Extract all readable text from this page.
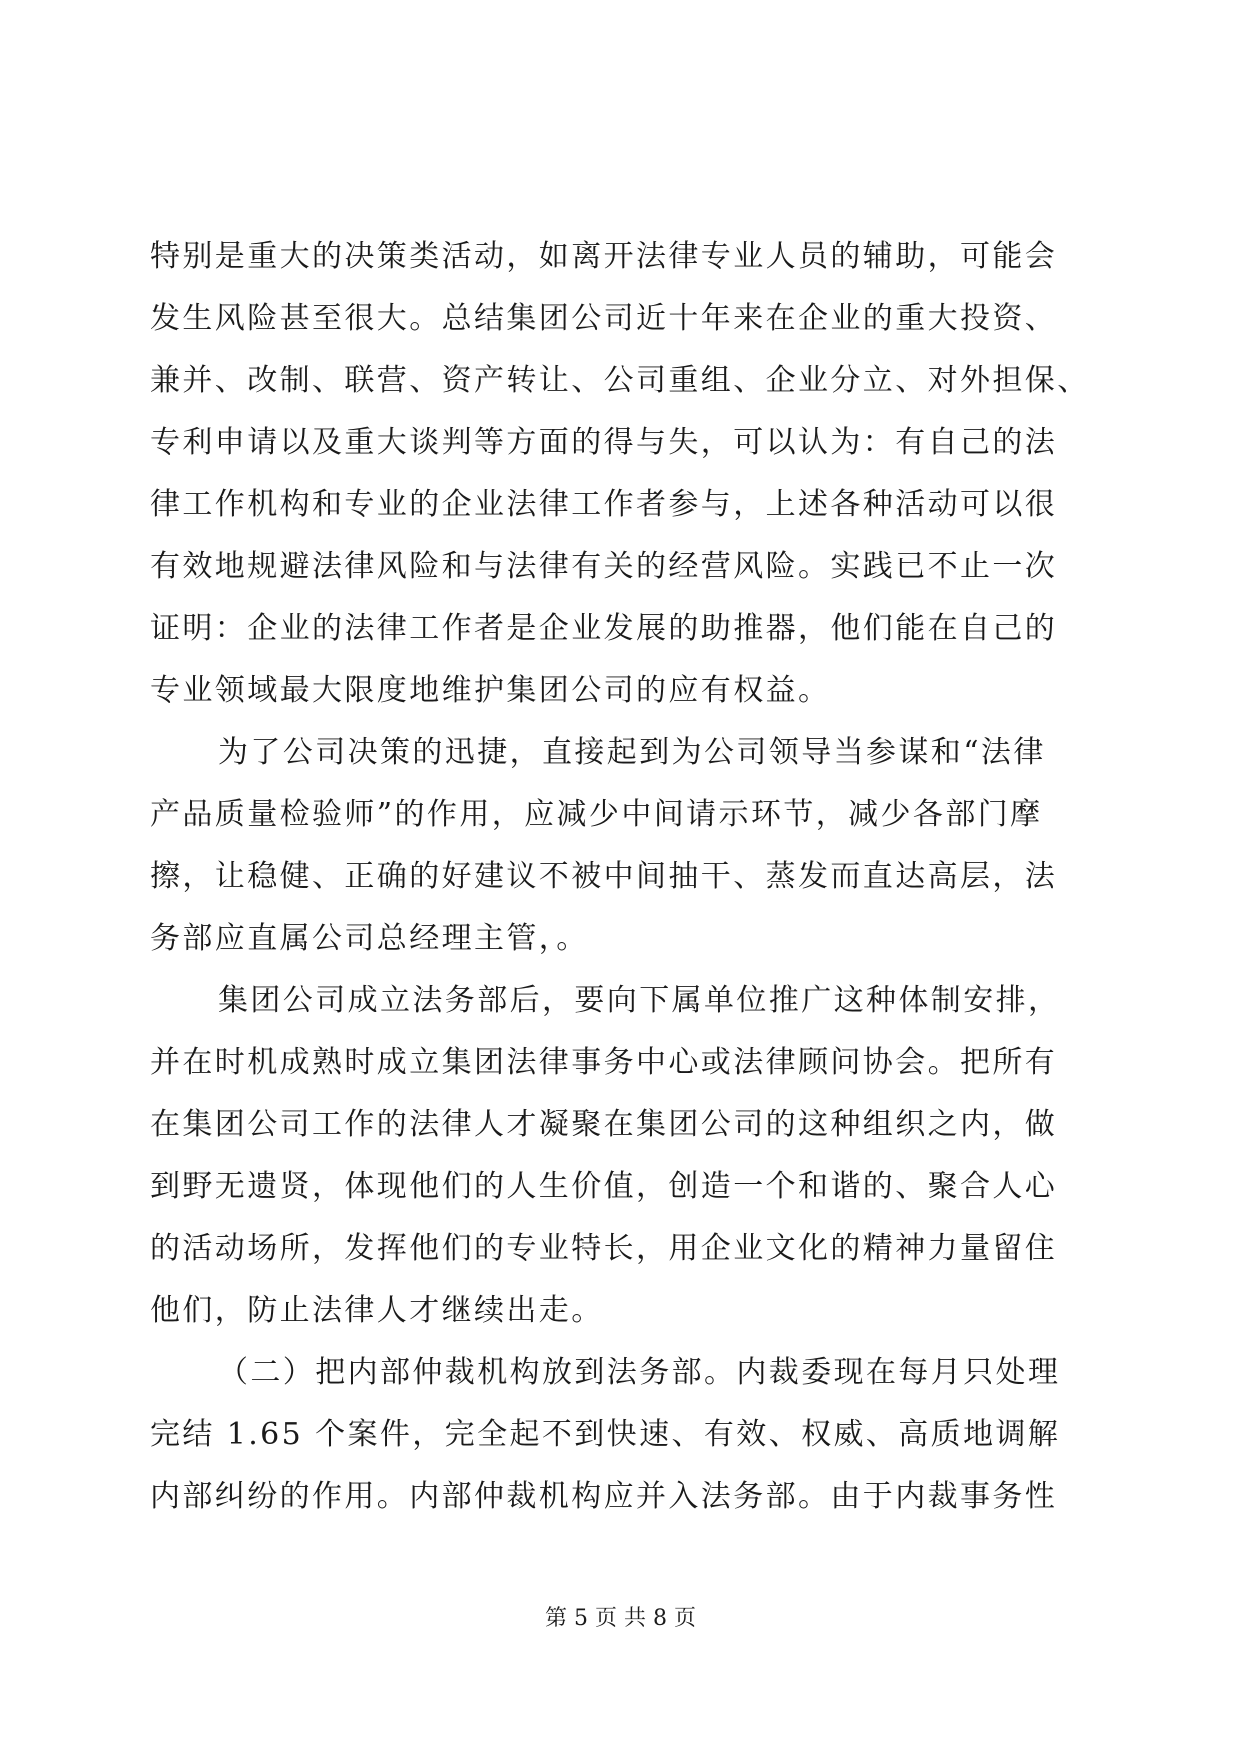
特别是重大的决策类活动，如离开法律专业人员的辅助，可能会
发生风险甚至很大。总结集团公司近十年来在企业的重大投资、
兼并、改制、联营、资产转让、公司重组、企业分立、对外担保、
专利申请以及重大谈判等方面的得与失，可以认为：有自己的法
律工作机构和专业的企业法律工作者参与，上述各种活动可以很
有效地规避法律风险和与法律有关的经营风险。实践已不止一次
证明：企业的法律工作者是企业发展的助推器，他们能在自己的
专业领域最大限度地维护集团公司的应有权益。
为了公司决策的迅捷，直接起到为公司领导当参谋和“法律
产品质量检验师”的作用，应减少中间请示环节，减少各部门摩
擦，让稳健、正确的好建议不被中间抽干、蒸发而直达高层，法
务部应直属公司总经理主管，。
集团公司成立法务部后，要向下属单位推广这种体制安排，
并在时机成熟时成立集团法律事务中心或法律顾问协会。把所有
在集团公司工作的法律人才凝聚在集团公司的这种组织之内，做
到野无遗贤，体现他们的人生价值，创造一个和谐的、聚合人心
的活动场所，发挥他们的专业特长，用企业文化的精神力量留住
他们，防止法律人才继续出走。
（二）把内部仲裁机构放到法务部。内裁委现在每月只处理
完结 1.65 个案件，完全起不到快速、有效、权威、高质地调解
内部纠纷的作用。内部仲裁机构应并入法务部。由于内裁事务性
第 5 页 共 8 页
